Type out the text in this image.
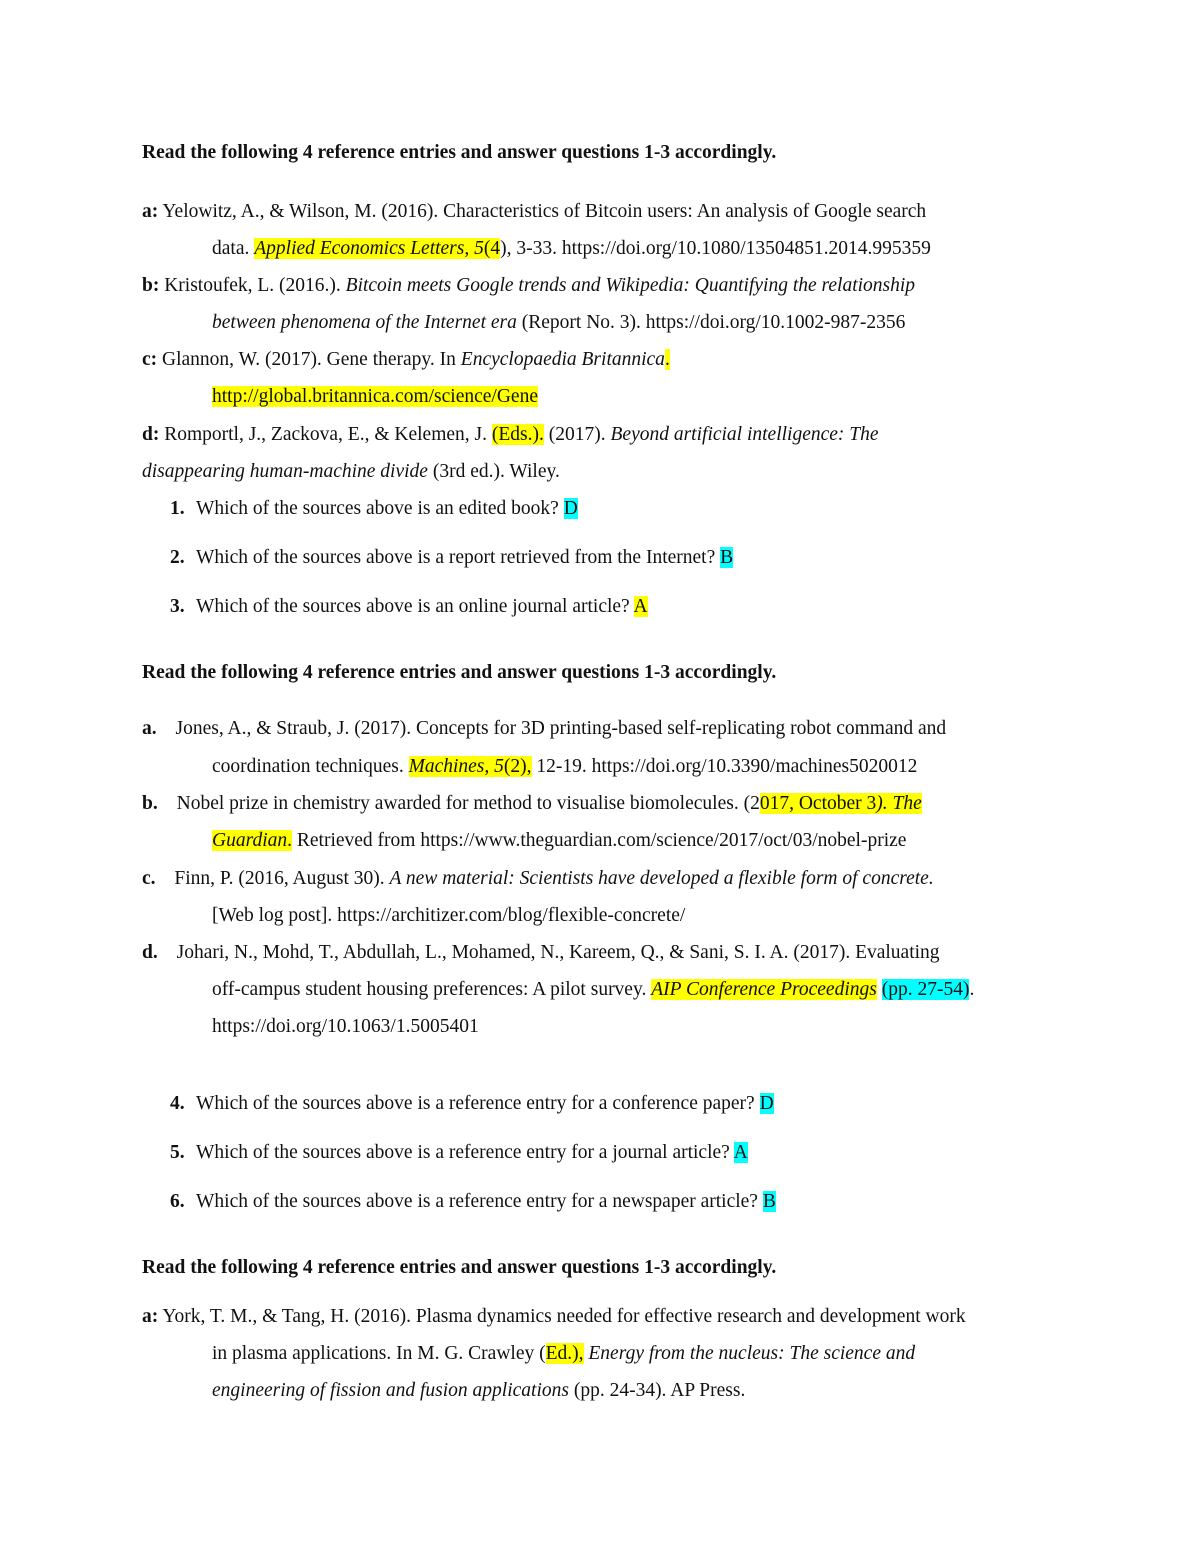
Read the following 4 reference entries and answer questions 1-3 accordingly.
a: Yelowitz, A., & Wilson, M. (2016). Characteristics of Bitcoin users: An analysis of Google search
data. Applied Economics Letters, 5(4), 3-33. https://doi.org/10.1080/13504851.2014.995359
b: Kristoufek, L. (2016.). Bitcoin meets Google trends and Wikipedia: Quantifying the relationship
between phenomena of the Internet era (Report No. 3). https://doi.org/10.1002-987-2356
c: Glannon, W. (2017). Gene therapy. In Encyclopaedia Britannica.
http://global.britannica.com/science/Gene
d: Romportl, J., Zackova, E., & Kelemen, J. (Eds.). (2017). Beyond artificial intelligence: The
disappearing human-machine divide (3rd ed.). Wiley.
1. Which of the sources above is an edited book? D
2. Which of the sources above is a report retrieved from the Internet? B
3. Which of the sources above is an online journal article? A
Read the following 4 reference entries and answer questions 1-3 accordingly.
a. Jones, A., & Straub, J. (2017). Concepts for 3D printing-based self-replicating robot command and
coordination techniques. Machines, 5(2), 12-19. https://doi.org/10.3390/machines5020012
b. Nobel prize in chemistry awarded for method to visualise biomolecules. (2017, October 3). The
Guardian. Retrieved from https://www.theguardian.com/science/2017/oct/03/nobel-prize
c. Finn, P. (2016, August 30). A new material: Scientists have developed a flexible form of concrete.
[Web log post]. https://architizer.com/blog/flexible-concrete/
d. Johari, N., Mohd, T., Abdullah, L., Mohamed, N., Kareem, Q., & Sani, S. I. A. (2017). Evaluating
off-campus student housing preferences: A pilot survey. AIP Conference Proceedings (pp. 27-54).
https://doi.org/10.1063/1.5005401
4. Which of the sources above is a reference entry for a conference paper? D
5. Which of the sources above is a reference entry for a journal article? A
6. Which of the sources above is a reference entry for a newspaper article? B
Read the following 4 reference entries and answer questions 1-3 accordingly.
a: York, T. M., & Tang, H. (2016). Plasma dynamics needed for effective research and development work
in plasma applications. In M. G. Crawley (Ed.), Energy from the nucleus: The science and
engineering of fission and fusion applications (pp. 24-34). AP Press.
